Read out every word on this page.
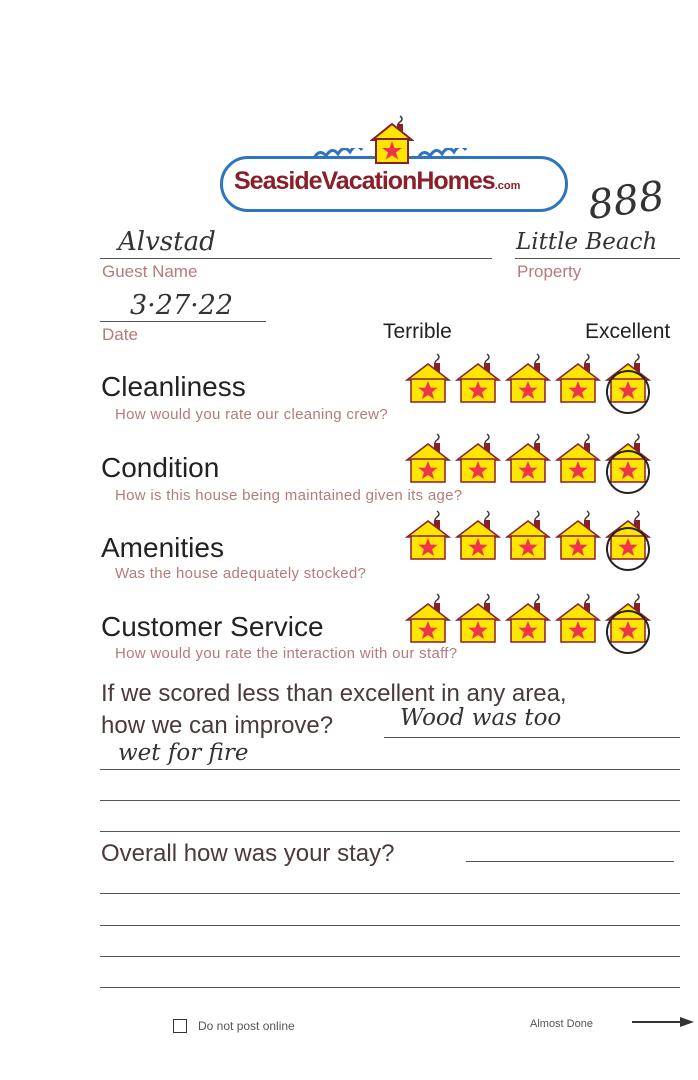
SeasideVacationHomes.com	888
Alvstad
Guest Name
Little Beach
Property
3·27·22
Date	Terrible	Excellent
Cleanliness
How would you rate our cleaning crew?
Condition
How is this house being maintained given its age?
Amenities
Was the house adequately stocked?
Customer Service
How would you rate the interaction with our staff?
If we scored less than excellent in any area,
how we can improve?	Wood was too
wet for fire
Overall how was your stay?
Do not post online	Almost Done
